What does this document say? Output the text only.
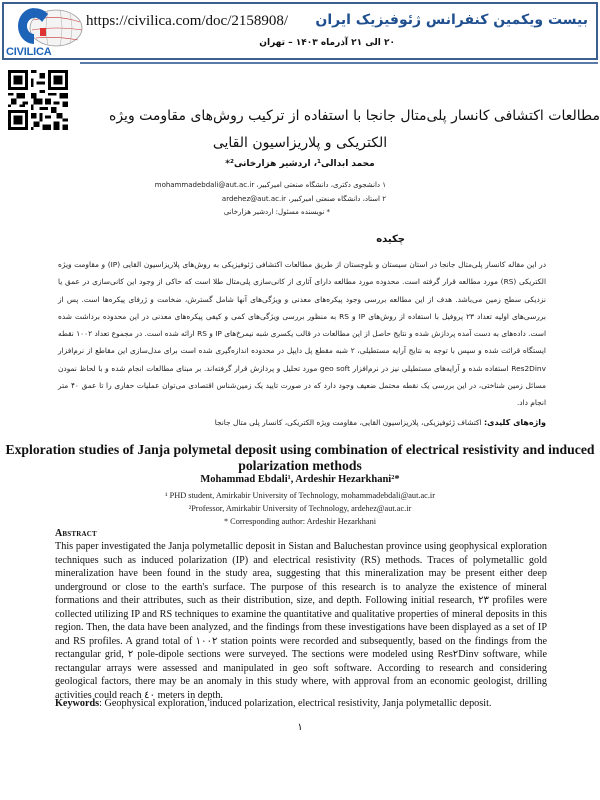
CIVILICA
بیست ویکمین کنفرانس ژئوفیزیک ایران
۲۰ الی ۲۱ آذرماه ۱۴۰۳ – تهران
https://civilica.com/doc/2158908/
مطالعات اکتشافی کانسار پلی‌متال جانجا با استفاده از ترکیب روش‌های مقاومت ویژه
الکتریکی و پلاریزاسیون القایی
محمد ابدالی¹، اردشیر هزارخانی²*
۱ دانشجوی دکتری، دانشگاه صنعتی امیرکبیر، mohammadebdali@aut.ac.ir
۲ استاد، دانشگاه صنعتی امیرکبیر، ardehez@aut.ac.ir
* نویسنده مسئول: اردشیر هزارخانی
چکیده
در این مقاله کانسار پلی‌متال جانجا در استان سیستان و بلوچستان از طریق مطالعات اکتشافی ژئوفیزیکی به روش‌های پلاریزاسیون القایی (IP) و مقاومت ویژه الکتریکی (RS) مورد مطالعه قرار گرفته است. محدوده مورد مطالعه دارای آثاری از کانی‌سازی پلی‌متال طلا است که حاکی از وجود این کانی‌سازی در عمق یا نزدیکی سطح زمین می‌باشد. هدف از این مطالعه بررسی وجود پیکره‌های معدنی و ویژگی‌های آنها شامل گسترش، ضخامت و ژرفای پیکره‌ها است. پس از بررسی‌های اولیه تعداد ۲۳ پروفیل با استفاده از روش‌های IP و RS به منظور بررسی ویژگی‌های کمی و کیفی پیکره‌های معدنی در این محدوده برداشت شده است. داده‌های به دست آمده پردازش شده و نتایج حاصل از این مطالعات در قالب یکسری شبه نیمرخ‌های IP و RS ارائه شده است. در مجموع تعداد ۱۰۰۲ نقطه ایستگاه قرائت شده و سپس با توجه به نتایج آرایه مستطیلی، ۲ شبه مقطع پل دایپل در محدوده اندازه‌گیری شده است برای مدل‌سازی این مقاطع از نرم‌افزار Res2Dinv استفاده شده و آرایه‌های مستطیلی نیز در نرم‌افزار geo soft مورد تحلیل و پردازش قرار گرفته‌اند. بر مبنای مطالعات انجام شده و با لحاظ نمودن مسائل زمین شناختی، در این بررسی یک نقطه محتمل ضعیف وجود دارد که در صورت تایید یک زمین‌شناس اقتصادی می‌توان عملیات حفاری را تا عمق ۴۰ متر انجام داد.
واژه‌های کلیدی: اکتشاف ژئوفیزیکی، پلاریزاسیون القایی، مقاومت ویژه الکتریکی، کانسار پلی متال جانجا
Exploration studies of Janja polymetal deposit using combination of electrical resistivity and induced polarization methods
Mohammad Ebdali¹, Ardeshir Hezarkhani²*
¹ PHD student, Amirkabir University of Technology, mohammadebdali@aut.ac.ir
²Professor, Amirkabir University of Technology, ardehez@aut.ac.ir
* Corresponding author: Ardeshir Hezarkhani
Abstract
This paper investigated the Janja polymetallic deposit in Sistan and Baluchestan province using geophysical exploration techniques such as induced polarization (IP) and electrical resistivity (RS) methods. Traces of polymetallic gold mineralization have been found in the study area, suggesting that this mineralization may be present either deep underground or close to the earth's surface. The purpose of this research is to analyze the existence of mineral formations and their attributes, such as their distribution, size, and depth. Following initial research, ٢٣ profiles were collected utilizing IP and RS techniques to examine the quantitative and qualitative properties of mineral deposits in this region. Then, the data have been analyzed, and the findings from these investigations have been displayed as a set of IP and RS profiles. A grand total of ١٠٠٢ station points were recorded and subsequently, based on the findings from the rectangular grid, ٢ pole-dipole sections were surveyed. The sections were modeled using Res٢Dinv software, while rectangular arrays were assessed and manipulated in geo soft software. According to research and considering geological factors, there may be an anomaly in this study where, with approval from an economic geologist, drilling activities could reach ٤٠ meters in depth.
Keywords: Geophysical exploration, induced polarization, electrical resistivity, Janja polymetallic deposit.
۱
